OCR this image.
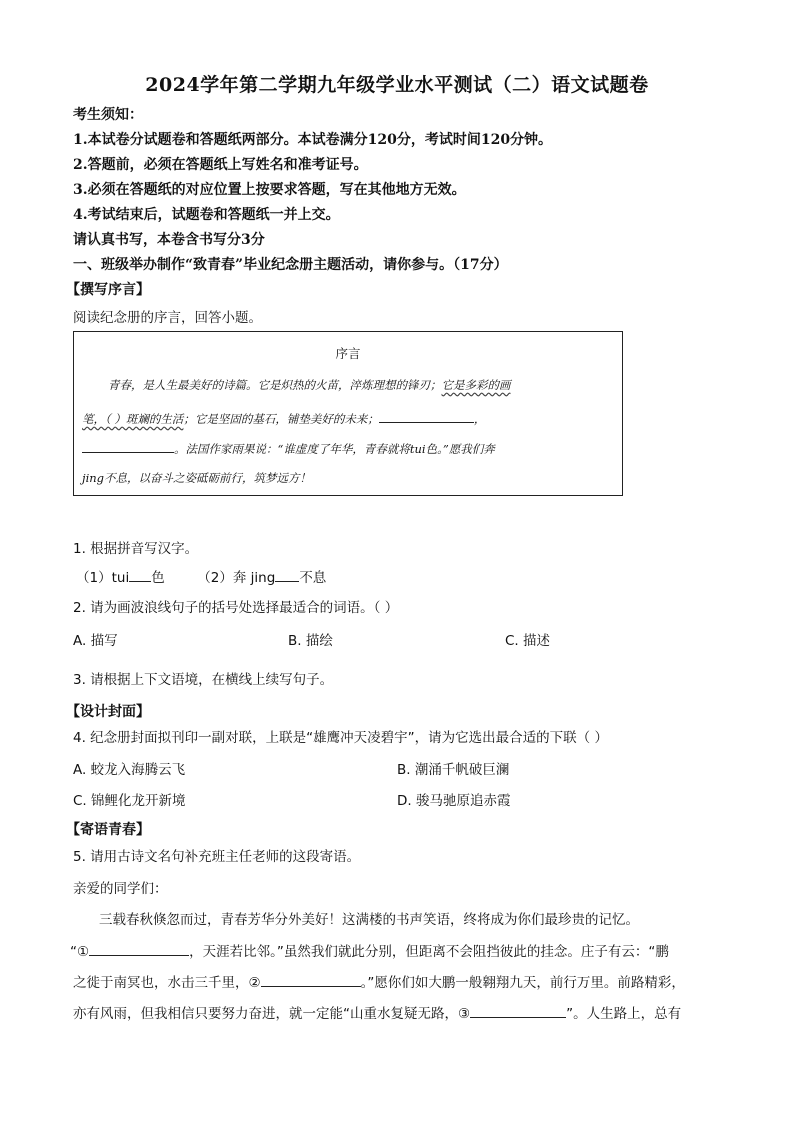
2024学年第二学期九年级学业水平测试（二）语文试题卷
考生须知：
1.本试卷分试题卷和答题纸两部分。本试卷满分120分，考试时间120分钟。
2.答题前，必须在答题纸上写姓名和准考证号。
3.必须在答题纸的对应位置上按要求答题，写在其他地方无效。
4.考试结束后，试题卷和答题纸一并上交。
请认真书写，本卷含书写分3分
一、班级举办制作“致青春”毕业纪念册主题活动，请你参与。（17分）
【撰写序言】
阅读纪念册的序言，回答小题。
序言
青春，是人生最美好的诗篇。它是炽热的火苗，淬炼理想的锋刃；它是多彩的画
笔，（ ）斑斓的生活；它是坚固的基石，铺垫美好的未来；	，
。法国作家雨果说：“谁虚度了年华，青春就将tui色。”愿我们奔
jing不息，以奋斗之姿砥砺前行，筑梦远方！
1. 根据拼音写汉字。
（1）tui 色 （2）奔 jing 不息
2. 请为画波浪线句子的括号处选择最适合的词语。（ ）
A. 描写	B. 描绘	C. 描述
3. 请根据上下文语境，在横线上续写句子。
【设计封面】
4. 纪念册封面拟刊印一副对联，上联是“雄鹰冲天凌碧宇”，请为它选出最合适的下联（ ）
A. 蛟龙入海腾云飞	B. 潮涌千帆破巨澜
C. 锦鲤化龙开新境	D. 骏马驰原追赤霞
【寄语青春】
5. 请用古诗文名句补充班主任老师的这段寄语。
亲爱的同学们：
三载春秋倏忽而过，青春芳华分外美好！这满楼的书声笑语，终将成为你们最珍贵的记忆。
“①	，天涯若比邻。”虽然我们就此分别，但距离不会阻挡彼此的挂念。庄子有云：“鹏
之徙于南冥也，水击三千里，②	。”愿你们如大鹏一般翱翔九天，前行万里。前路精彩，
亦有风雨，但我相信只要努力奋进，就一定能“山重水复疑无路，③	”。人生路上，总有
